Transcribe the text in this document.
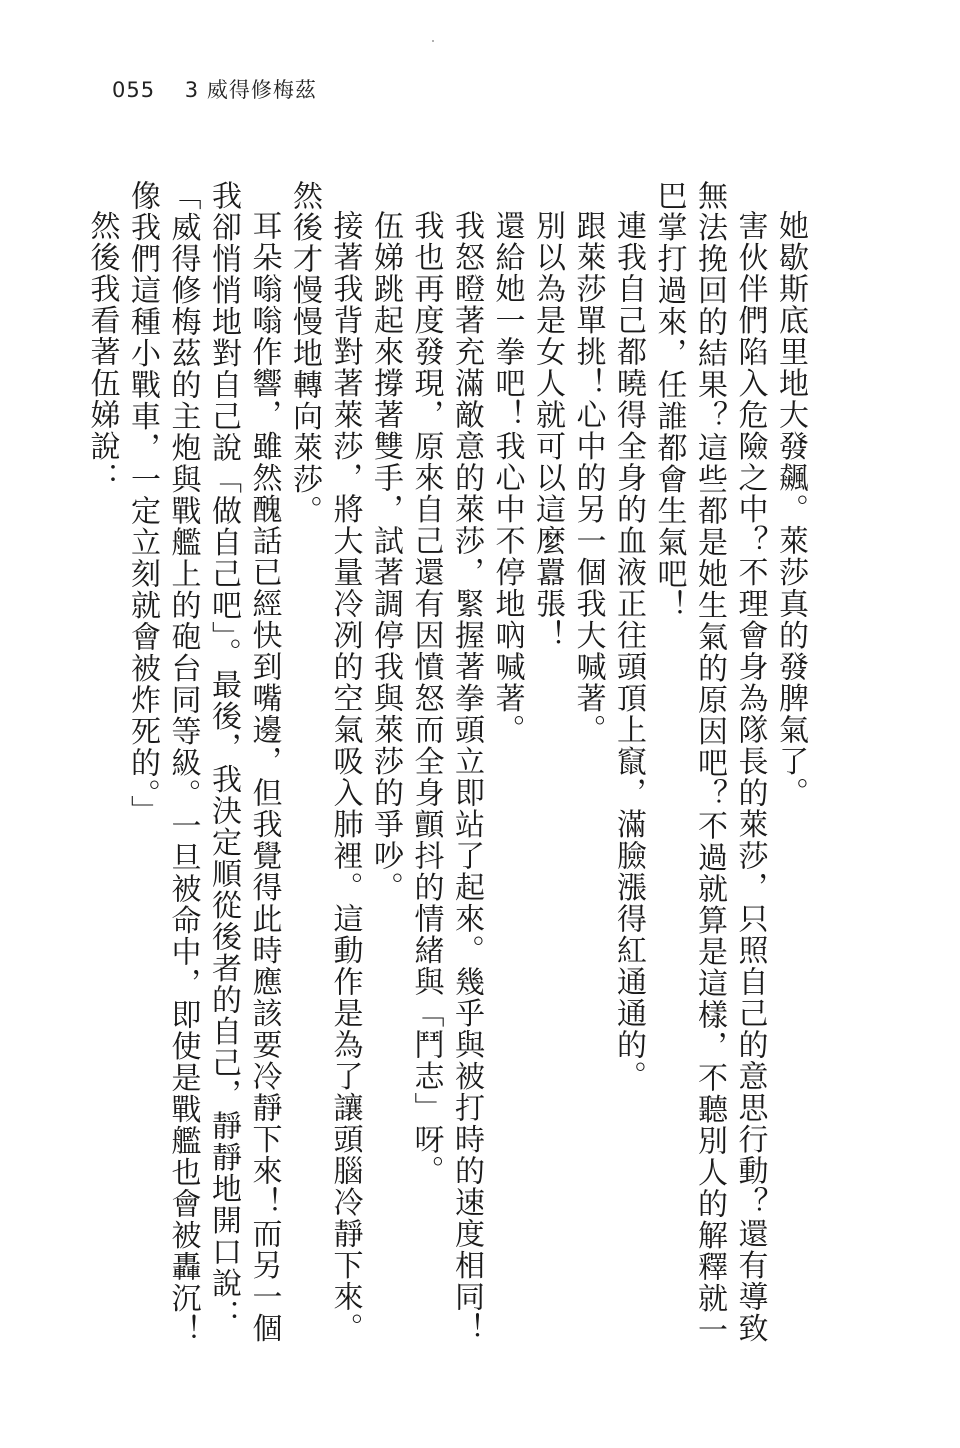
055 3 威得修梅茲

她歇斯底里地大發飆。萊莎真的發脾氣了。

害伙伴們陷入危險之中？不理會身為隊長的萊莎，只照自己的意思行動？還有導致無法挽回的結果？這些都是她生氣的原因吧？不過就算是這樣，不聽別人的解釋就一巴掌打過來，任誰都會生氣吧！

連我自己都曉得全身的血液正往頭頂上竄，滿臉漲得紅通通的。

跟萊莎單挑！心中的另一個我大喊著。

別以為是女人就可以這麼囂張！

還給她一拳吧！我心中不停地吶喊著。

我怒瞪著充滿敵意的萊莎，緊握著拳頭立即站了起來。幾乎與被打時的速度相同！

我也再度發現，原來自己還有因憤怒而全身顫抖的情緒與「鬥志」呀。

伍娣跳起來撐著雙手，試著調停我與萊莎的爭吵。

接著我背對著萊莎，將大量冷冽的空氣吸入肺裡。這動作是為了讓頭腦冷靜下來。然後才慢慢地轉向萊莎。

耳朵嗡嗡作響，雖然醜話已經快到嘴邊，但我覺得此時應該要冷靜下來！而另一個我卻悄悄地對自己說「做自己吧」。最後，我決定順從後者的自己，靜靜地開口說：

「威得修梅茲的主炮與戰艦上的砲台同等級。一旦被命中，即使是戰艦也會被轟沉！像我們這種小戰車，一定立刻就會被炸死的。」

然後我看著伍娣說：
